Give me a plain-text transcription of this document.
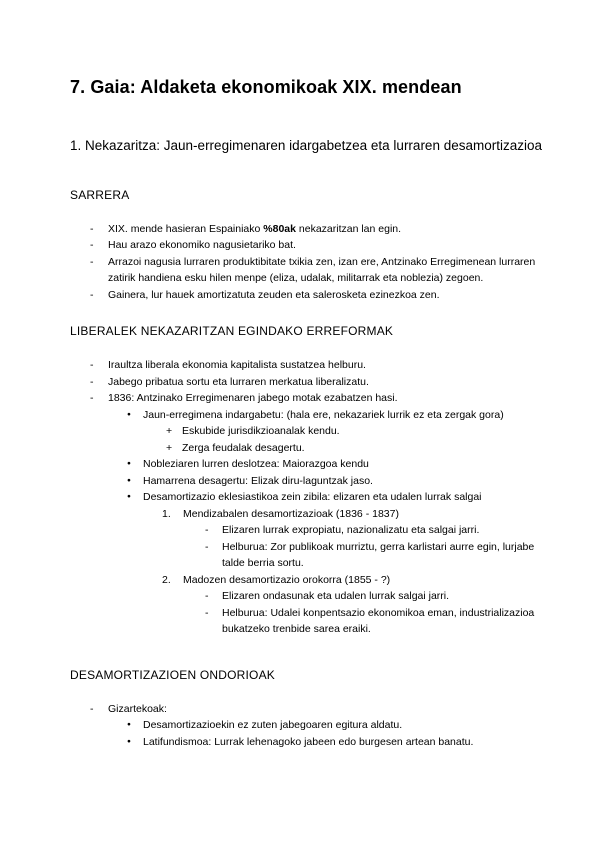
7. Gaia: Aldaketa ekonomikoak XIX. mendean
1. Nekazaritza: Jaun-erregimenaren idargabetzea eta lurraren desamortizazioa
SARRERA
- XIX. mende hasieran Espainiako %80ak nekazaritzan lan egin.
- Hau arazo ekonomiko nagusietariko bat.
- Arrazoi nagusia lurraren produktibitate txikia zen, izan ere, Antzinako Erregimenean lurraren zatirik handiena esku hilen menpe (eliza, udalak, militarrak eta noblezia) zegoen.
- Gainera, lur hauek amortizatuta zeuden eta salerosketa ezinezkoa zen.
LIBERALEK NEKAZARITZAN EGINDAKO ERREFORMAK
- Iraultza liberala ekonomia kapitalista sustatzea helburu.
- Jabego pribatua sortu eta lurraren merkatua liberalizatu.
- 1836: Antzinako Erregimenaren jabego motak ezabatzen hasi.
● Jaun-erregimena indargabetu: (hala ere, nekazariek lurrik ez eta zergak gora)
+ Eskubide jurisdikzioanalak kendu.
+ Zerga feudalak desagertu.
● Nobleziaren lurren deslotzea: Maiorazgoa kendu
● Hamarrena desagertu: Elizak diru-laguntzak jaso.
● Desamortizazio eklesiastikoa zein zibila: elizaren eta udalen lurrak salgai
1. Mendizabalen desamortizazioak (1836 - 1837)
- Elizaren lurrak expropiatu, nazionalizatu eta salgai jarri.
- Helburua: Zor publikoak murriztu, gerra karlistari aurre egin, lurjabe talde berria sortu.
2. Madozen desamortizazio orokorra (1855 - ?)
- Elizaren ondasunak eta udalen lurrak salgai jarri.
- Helburua: Udalei konpentsazio ekonomikoa eman, industrializazioa bukatzeko trenbide sarea eraiki.
DESAMORTIZAZIOEN ONDORIOAK
- Gizartekoak:
● Desamortizazioekin ez zuten jabegoaren egitura aldatu.
● Latifundismoa: Lurrak lehenagoko jabeen edo burgesen artean banatu.
